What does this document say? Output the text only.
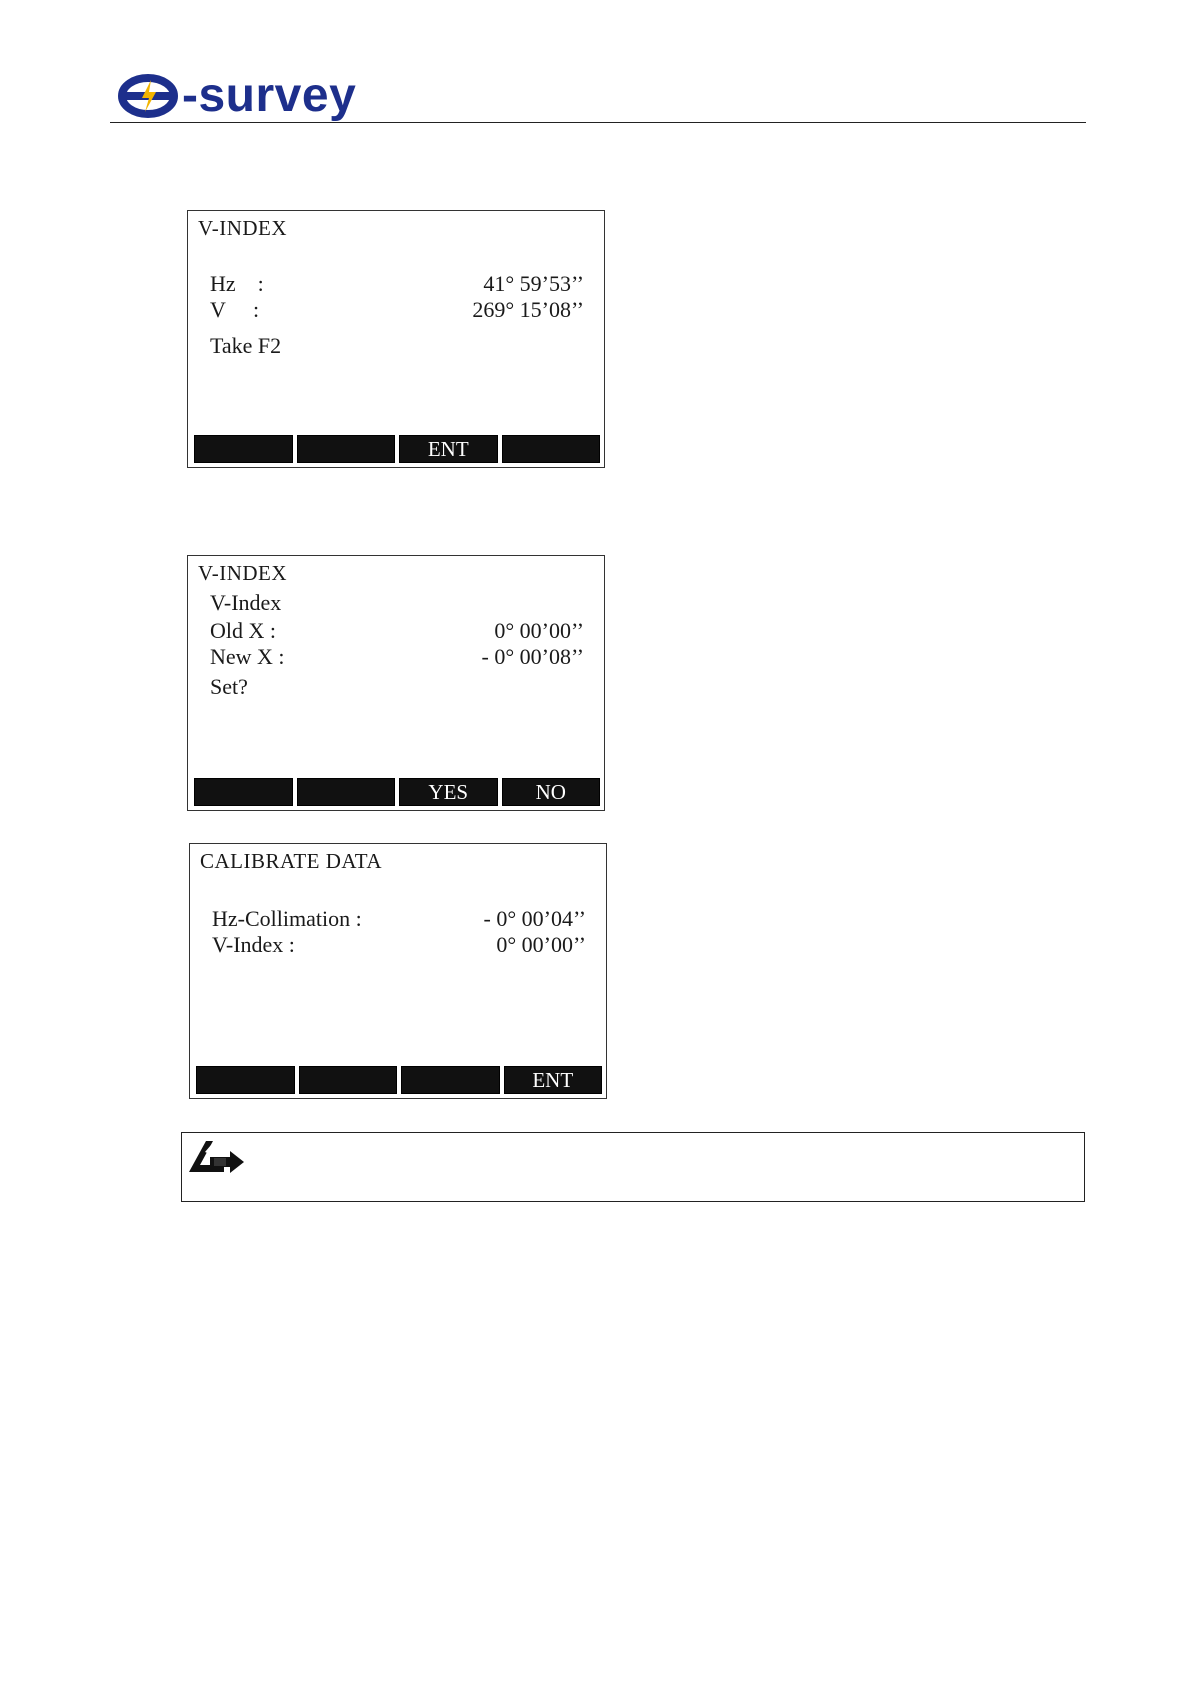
-survey
V-INDEX
Hz    :	41° 59’53’’
V     :	269° 15’08’’
Take F2
ENT
V-INDEX
V-Index
Old X :	0° 00’00’’
New X :	- 0° 00’08’’
Set?
YES	NO
CALIBRATE DATA
Hz-Collimation :	- 0° 00’04’’
V-Index :	0° 00’00’’
ENT
